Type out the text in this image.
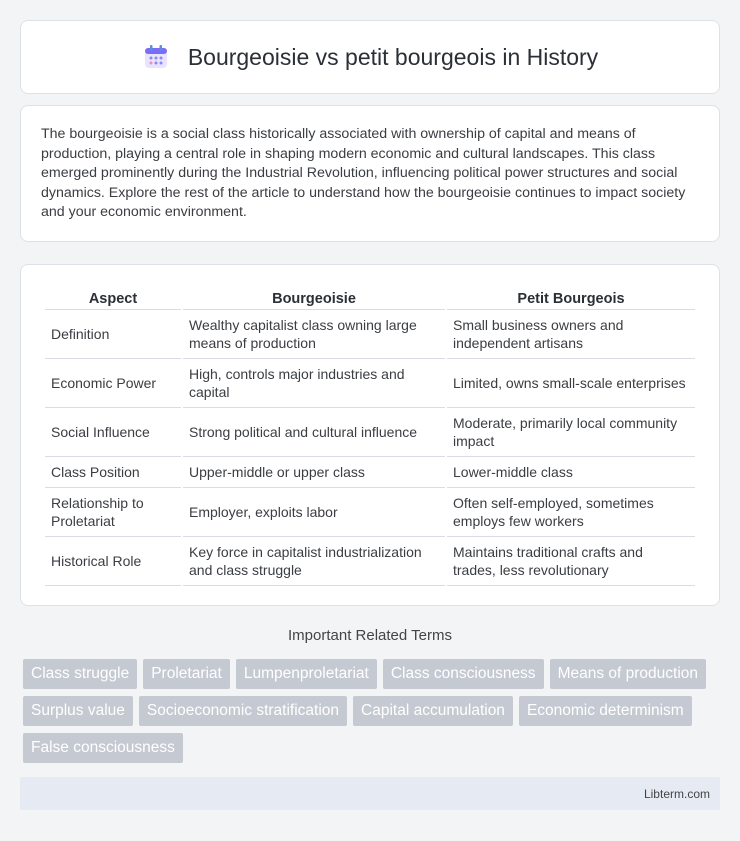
Bourgeoisie vs petit bourgeois in History

The bourgeoisie is a social class historically associated with ownership of capital and means of production, playing a central role in shaping modern economic and cultural landscapes. This class emerged prominently during the Industrial Revolution, influencing political power structures and social dynamics. Explore the rest of the article to understand how the bourgeoisie continues to impact society and your economic environment.

Aspect	Bourgeoisie	Petit Bourgeois
Definition	Wealthy capitalist class owning large means of production	Small business owners and independent artisans
Economic Power	High, controls major industries and capital	Limited, owns small-scale enterprises
Social Influence	Strong political and cultural influence	Moderate, primarily local community impact
Class Position	Upper-middle or upper class	Lower-middle class
Relationship to Proletariat	Employer, exploits labor	Often self-employed, sometimes employs few workers
Historical Role	Key force in capitalist industrialization and class struggle	Maintains traditional crafts and trades, less revolutionary
Important Related Terms
Class struggle	Proletariat	Lumpenproletariat	Class consciousness	Means of production
Surplus value	Socioeconomic stratification	Capital accumulation	Economic determinism
False consciousness
Libterm.com
